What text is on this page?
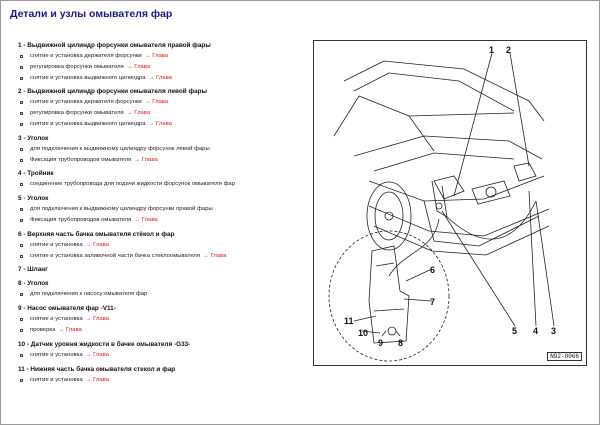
Детали и узлы омывателя фар
1 - Выдвижной цилиндр форсунки омывателя правой фары
снятие и установка держателя форсунки → Глава
регулировка форсунки омывателя → Глава
снятие и установка выдвижного цилиндра → Глава
2 - Выдвижной цилиндр форсунки омывателя левой фары
снятие и установка держателя форсунки → Глава
регулировка форсунки омывателя → Глава
снятие и установка выдвижного цилиндра → Глава
3 - Уголок
для подключения к выдвижному цилиндру форсунок левой фары
Фиксация трубопроводов омывателя → Глава
4 - Тройник
соединение трубопровода для подачи жидкости форсунок омывателя фар
5 - Уголок
для подключения к выдвижному цилиндру форсунки правой фары
Фиксация трубопроводов омывателя → Глава
6 - Верхняя часть бачка омывателя стёкол и фар
снятие и установка → Глава
снятие и установка заливочной части бачка стеклоомывателя → Глава
7 - Шланг
8 - Уголок
для подключения к насосу омывателя фар
9 - Насос омывателя фар -V11-
снятие и установка → Глава
проверка → Глава
10 - Датчик уровня жидкости в бачке омывателя -G33-
снятие и установка → Глава
11 - Нижняя часть бачка омывателя стекол и фар
снятие и установка → Глава
1 2
3
4
5
6
7
8
9
10
11
N92-0066
